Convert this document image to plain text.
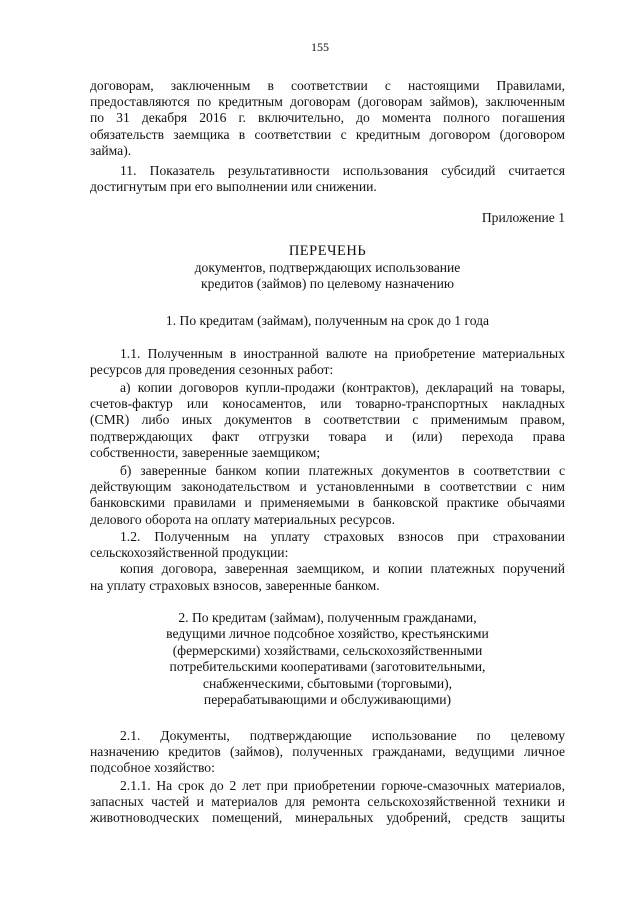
155

договорам, заключенным в соответствии с настоящими Правилами,

предоставляются по кредитным договорам (договорам займов), заключенным

по 31 декабря 2016 г. включительно, до момента полного погашения

обязательств заемщика в соответствии с кредитным договором (договором

займа).

11. Показатель результативности использования субсидий считается

достигнутым при его выполнении или снижении.

Приложение 1

ПЕРЕЧЕНЬ

документов, подтверждающих использование

кредитов (займов) по целевому назначению

1. По кредитам (займам), полученным на срок до 1 года

1.1. Полученным в иностранной валюте на приобретение материальных

ресурсов для проведения сезонных работ:

а) копии договоров купли-продажи (контрактов), деклараций на товары,

счетов-фактур или коносаментов, или товарно-транспортных накладных

(CMR) либо иных документов в соответствии с применимым правом,

подтверждающих факт отгрузки товара и (или) перехода права

собственности, заверенные заемщиком;

б) заверенные банком копии платежных документов в соответствии с

действующим законодательством и установленными в соответствии с ним

банковскими правилами и применяемыми в банковской практике обычаями

делового оборота на оплату материальных ресурсов.

1.2. Полученным на уплату страховых взносов при страховании

сельскохозяйственной продукции:

копия договора, заверенная заемщиком, и копии платежных поручений

на уплату страховых взносов, заверенные банком.

2. По кредитам (займам), полученным гражданами,

ведущими личное подсобное хозяйство, крестьянскими

(фермерскими) хозяйствами, сельскохозяйственными

потребительскими кооперативами (заготовительными,

снабженческими, сбытовыми (торговыми),

перерабатывающими и обслуживающими)

2.1. Документы, подтверждающие использование по целевому

назначению кредитов (займов), полученных гражданами, ведущими личное

подсобное хозяйство:

2.1.1. На срок до 2 лет при приобретении горюче-смазочных материалов,

запасных частей и материалов для ремонта сельскохозяйственной техники и

животноводческих помещений, минеральных удобрений, средств защиты
